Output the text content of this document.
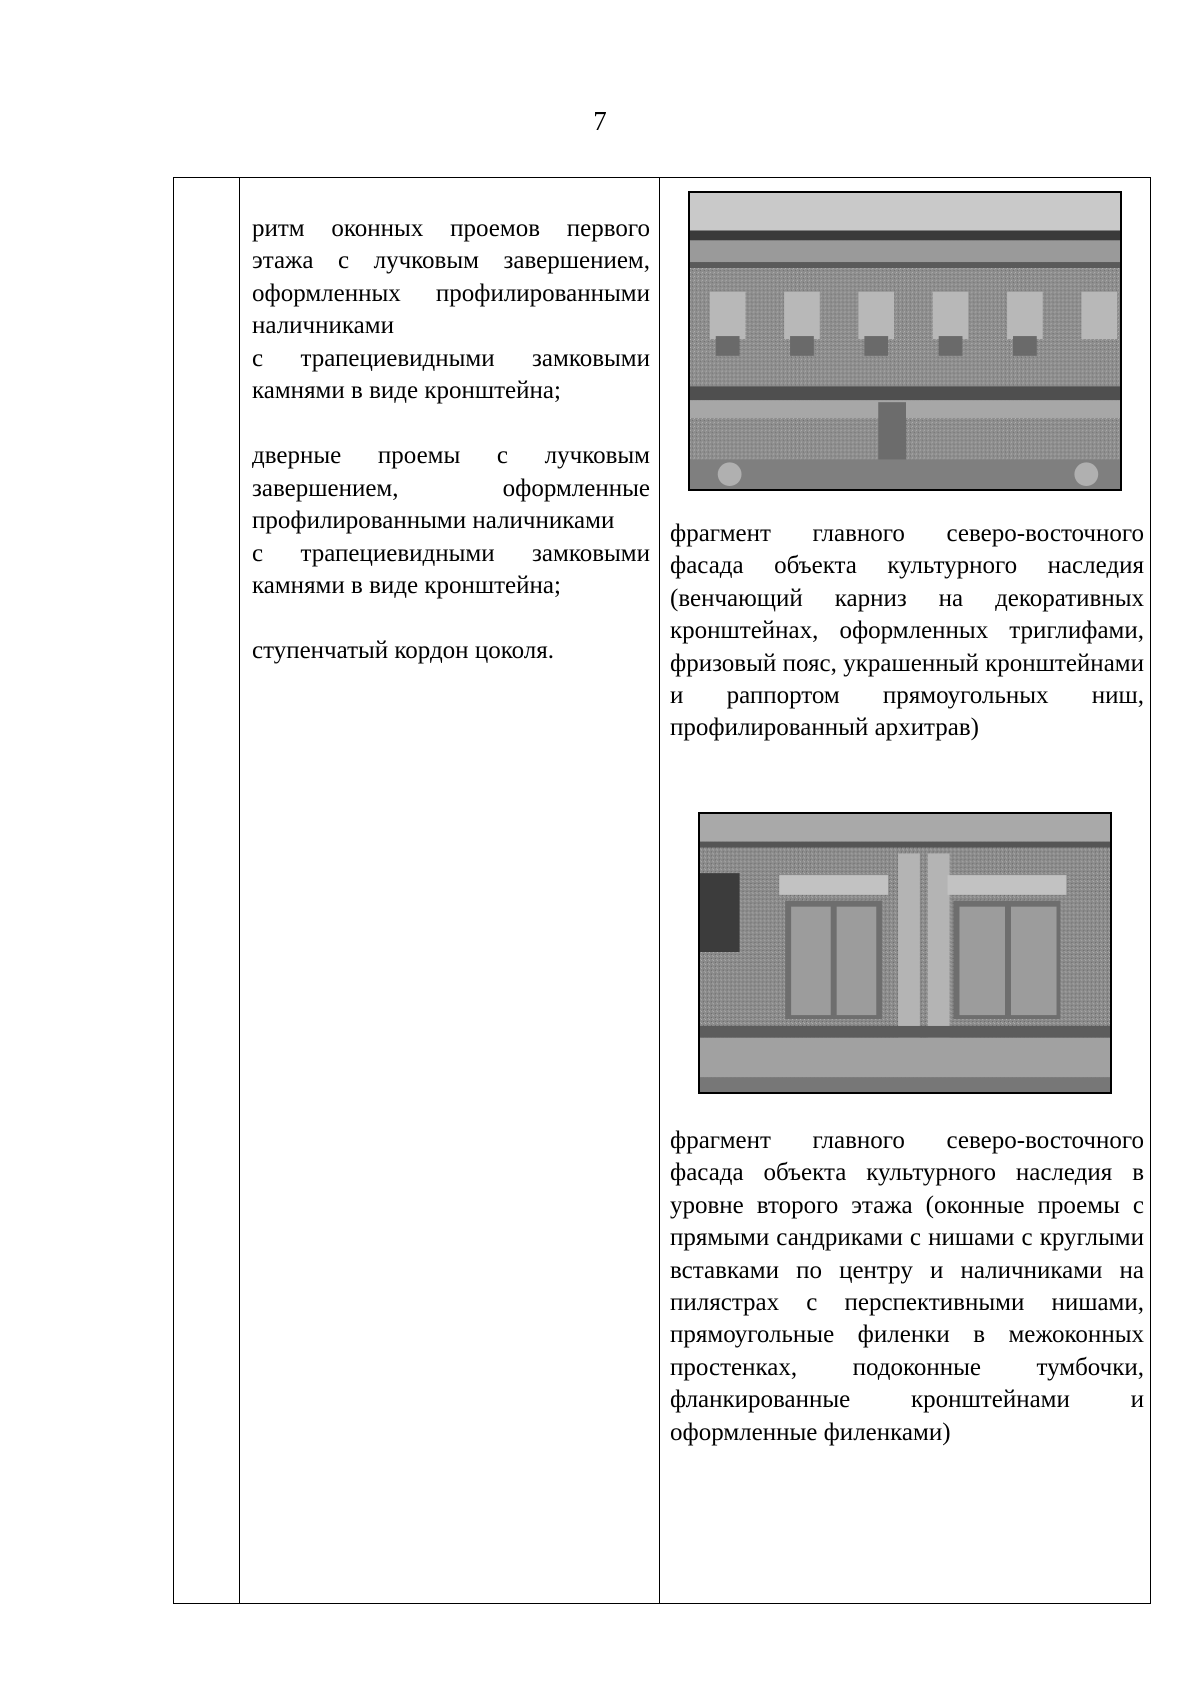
7

ритм оконных проемов первого этажа с лучковым завершением, оформленных профилированными наличниками

с трапециевидными замковыми камнями в виде кронштейна;

дверные проемы с лучковым завершением, оформленные профилированными наличниками

с трапециевидными замковыми камнями в виде кронштейна;

ступенчатый кордон цоколя.

фрагмент главного северо-восточного фасада объекта культурного наследия (венчающий карниз на декоративных кронштейнах, оформленных триглифами, фризовый пояс, украшенный кронштейнами и раппортом прямоугольных ниш, профилированный архитрав)
фрагмент главного северо-восточного фасада объекта культурного наследия в уровне второго этажа (оконные проемы с прямыми сандриками с нишами с круглыми вставками по центру и наличниками на пилястрах с перспективными нишами, прямоугольные филенки в межоконных простенках, подоконные тумбочки, фланкированные кронштейнами и оформленные филенками)
